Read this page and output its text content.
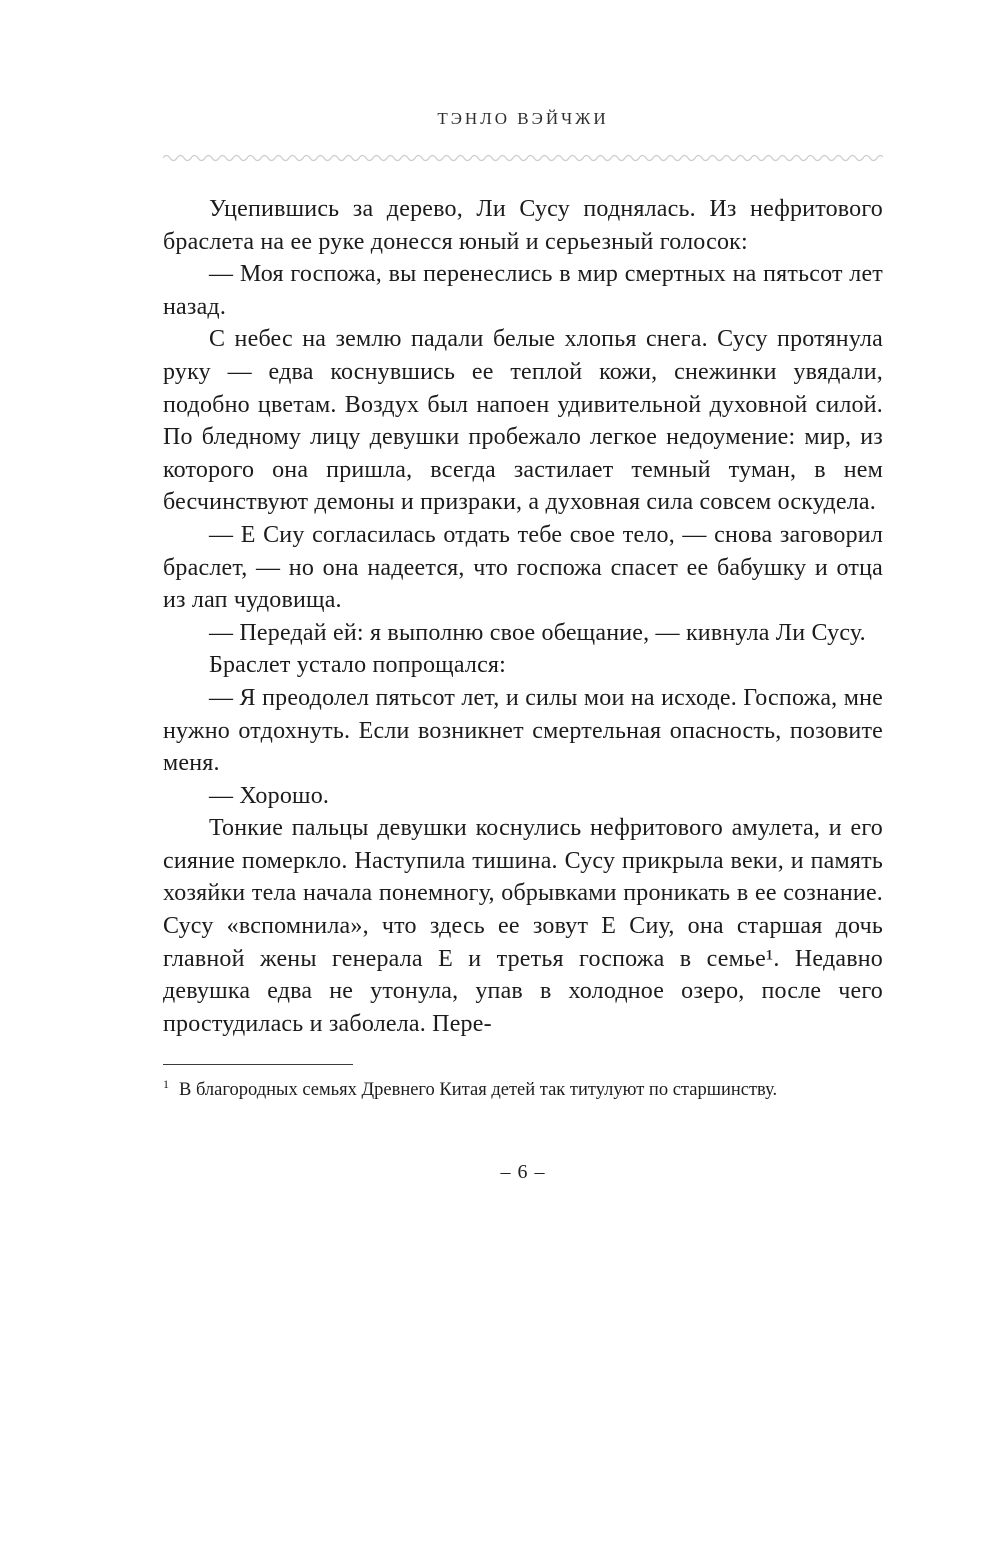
ТЭНЛО ВЭЙЧЖИ

Уцепившись за дерево, Ли Сусу поднялась. Из нефритового браслета на ее руке донесся юный и серьезный голосок:

— Моя госпожа, вы перенеслись в мир смертных на пятьсот лет назад.

С небес на землю падали белые хлопья снега. Сусу протянула руку — едва коснувшись ее теплой кожи, снежинки увядали, подобно цветам. Воздух был напоен удивительной духовной силой. По бледному лицу девушки пробежало легкое недоумение: мир, из которого она пришла, всегда застилает темный туман, в нем бесчинствуют демоны и призраки, а духовная сила совсем оскудела.

— Е Сиу согласилась отдать тебе свое тело, — снова заговорил браслет, — но она надеется, что госпожа спасет ее бабушку и отца из лап чудовища.

— Передай ей: я выполню свое обещание, — кивнула Ли Сусу.

Браслет устало попрощался:

— Я преодолел пятьсот лет, и силы мои на исходе. Госпожа, мне нужно отдохнуть. Если возникнет смертельная опасность, позовите меня.

— Хорошо.

Тонкие пальцы девушки коснулись нефритового амулета, и его сияние померкло. Наступила тишина. Сусу прикрыла веки, и память хозяйки тела начала понемногу, обрывками проникать в ее сознание. Сусу «вспомнила», что здесь ее зовут Е Сиу, она старшая дочь главной жены генерала Е и третья госпожа в семье¹. Недавно девушка едва не утонула, упав в холодное озеро, после чего простудилась и заболела. Пере-

$^1$ В благородных семьях Древнего Китая детей так титулуют по старшинству.

– 6 –
